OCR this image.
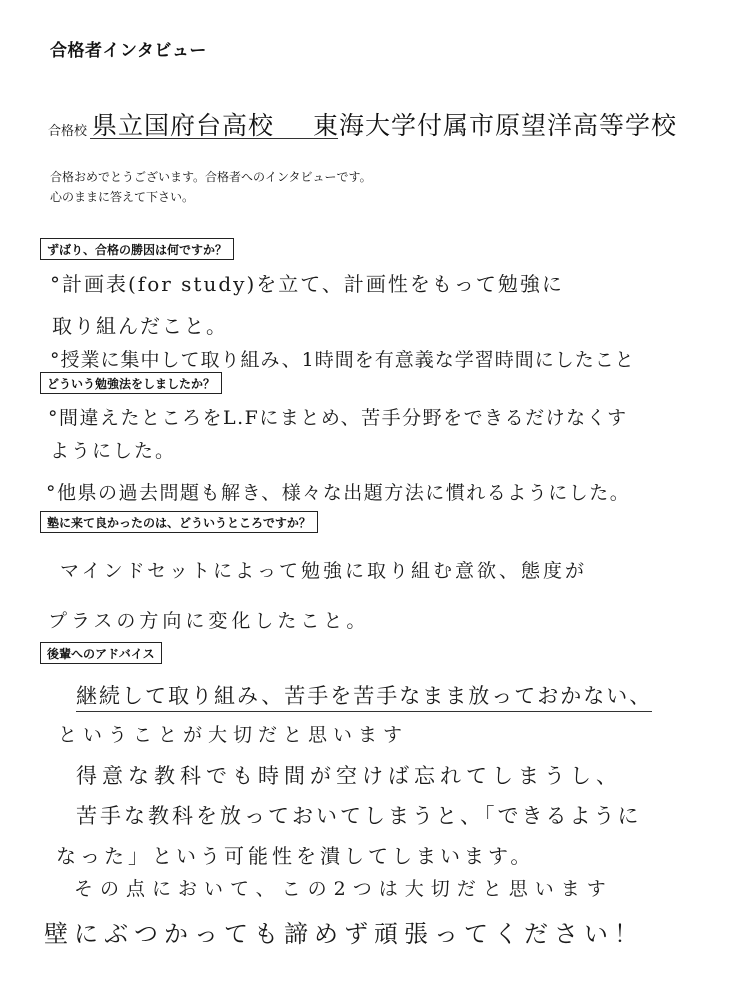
合格者インタビュー
合格校 県立国府台高校 東海大学付属市原望洋高等学校
合格おめでとうございます。合格者へのインタビューです。
心のままに答えて下さい。
ずばり、合格の勝因は何ですか？
°計画表(for study)を立て、計画性をもって勉強に
取り組んだこと。
°授業に集中して取り組み、1時間を有意義な学習時間にしたこと
どういう勉強法をしましたか？
°間違えたところをL.Fにまとめ、苦手分野をできるだけなくす
ようにした。
°他県の過去問題も解き、様々な出題方法に慣れるようにした。
塾に来て良かったのは、どういうところですか？
マインドセットによって勉強に取り組む意欲、態度が
プラスの方向に変化したこと。
後輩へのアドバイス
継続して取り組み、苦手を苦手なまま放っておかない、
ということが大切だと思います
得意な教科でも時間が空けば忘れてしまうし、
苦手な教科を放っておいてしまうと、「できるように
なった」という可能性を潰してしまいます。
その点において、この2つは大切だと思います
壁にぶつかっても諦めず頑張ってください！
